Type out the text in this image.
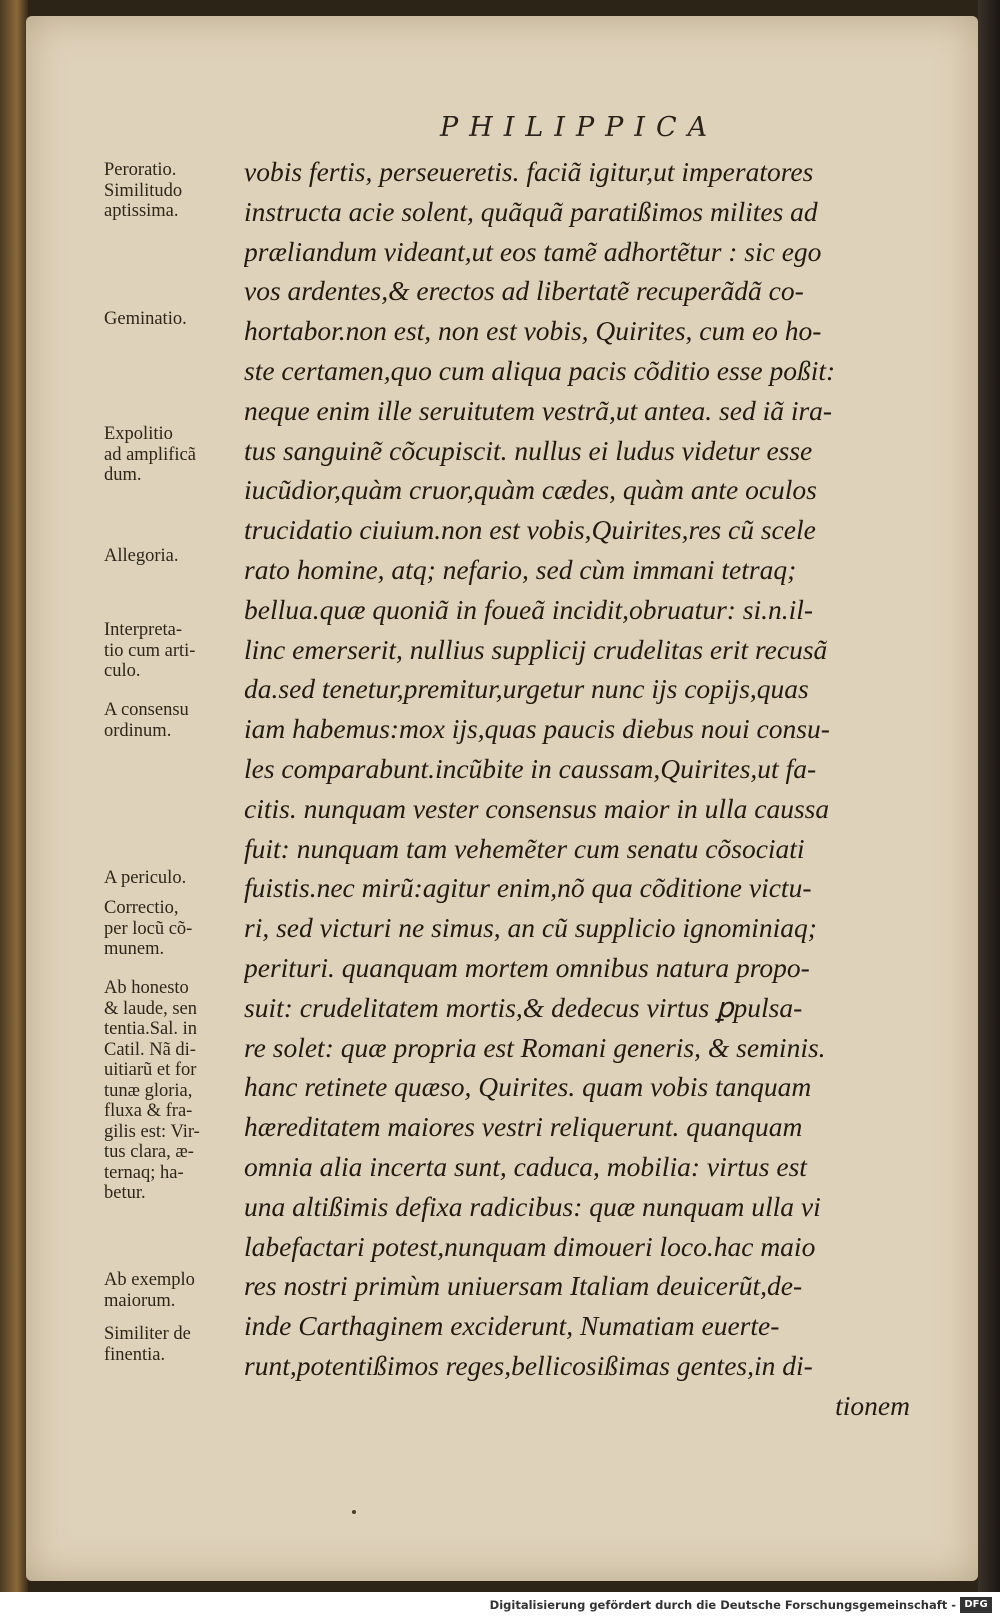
PHILIPPICA
Peroratio.
Similitudo
aptissima.
Geminatio.
Expolitio
ad amplificã
dum.
Allegoria.
Interpreta-
tio cum arti-
culo.
A consensu
ordinum.
A periculo.
Correctio,
per locũ cõ-
munem.
Ab honesto
& laude, sen
tentia.Sal. in
Catil. Nã di-
uitiarũ et for
tunæ gloria,
fluxa & fra-
gilis est: Vir-
tus clara, æ-
ternaq; ha-
betur.
Ab exemplo
maiorum.
Similiter de
finentia.
vobis fertis, perseueretis. faciã igitur,ut imperatores
instructa acie solent, quãquã paratißimos milites ad
præliandum videant,ut eos tamẽ adhortẽtur : sic ego
vos ardentes,& erectos ad libertatẽ recuperãdã co-
hortabor.non est, non est vobis, Quirites, cum eo ho-
ste certamen,quo cum aliqua pacis cõditio esse poßit:
neque enim ille seruitutem vestrã,ut antea. sed iã ira-
tus sanguinẽ cõcupiscit. nullus ei ludus videtur esse
iucũdior,quàm cruor,quàm cædes, quàm ante oculos
trucidatio ciuium.non est vobis,Quirites,res cũ scele
rato homine, atq; nefario, sed cùm immani tetraq;
bellua.quæ quoniã in foueã incidit,obruatur: si.n.il-
linc emerserit, nullius supplicij crudelitas erit recusã
da.sed tenetur,premitur,urgetur nunc ijs copijs,quas
iam habemus:mox ijs,quas paucis diebus noui consu-
les comparabunt.incũbite in caussam,Quirites,ut fa-
citis. nunquam vester consensus maior in ulla caussa
fuit: nunquam tam vehemẽter cum senatu cõsociati
fuistis.nec mirũ:agitur enim,nõ qua cõditione victu-
ri, sed victuri ne simus, an cũ supplicio ignominiaq;
perituri. quanquam mortem omnibus natura propo-
suit: crudelitatem mortis,& dedecus virtus ꝑpulsa-
re solet: quæ propria est Romani generis, & seminis.
hanc retinete quæso, Quirites. quam vobis tanquam
hæreditatem maiores vestri reliquerunt. quanquam
omnia alia incerta sunt, caduca, mobilia: virtus est
una altißimis defixa radicibus: quæ nunquam ulla vi
labefactari potest,nunquam dimoueri loco.hac maio
res nostri primùm uniuersam Italiam deuicerũt,de-
inde Carthaginem exciderunt, Numatiam euerte-
runt,potentißimos reges,bellicosißimas gentes,in di-
tionem
Digitalisierung gefördert durch die Deutsche Forschungsgemeinschaft - DFG
